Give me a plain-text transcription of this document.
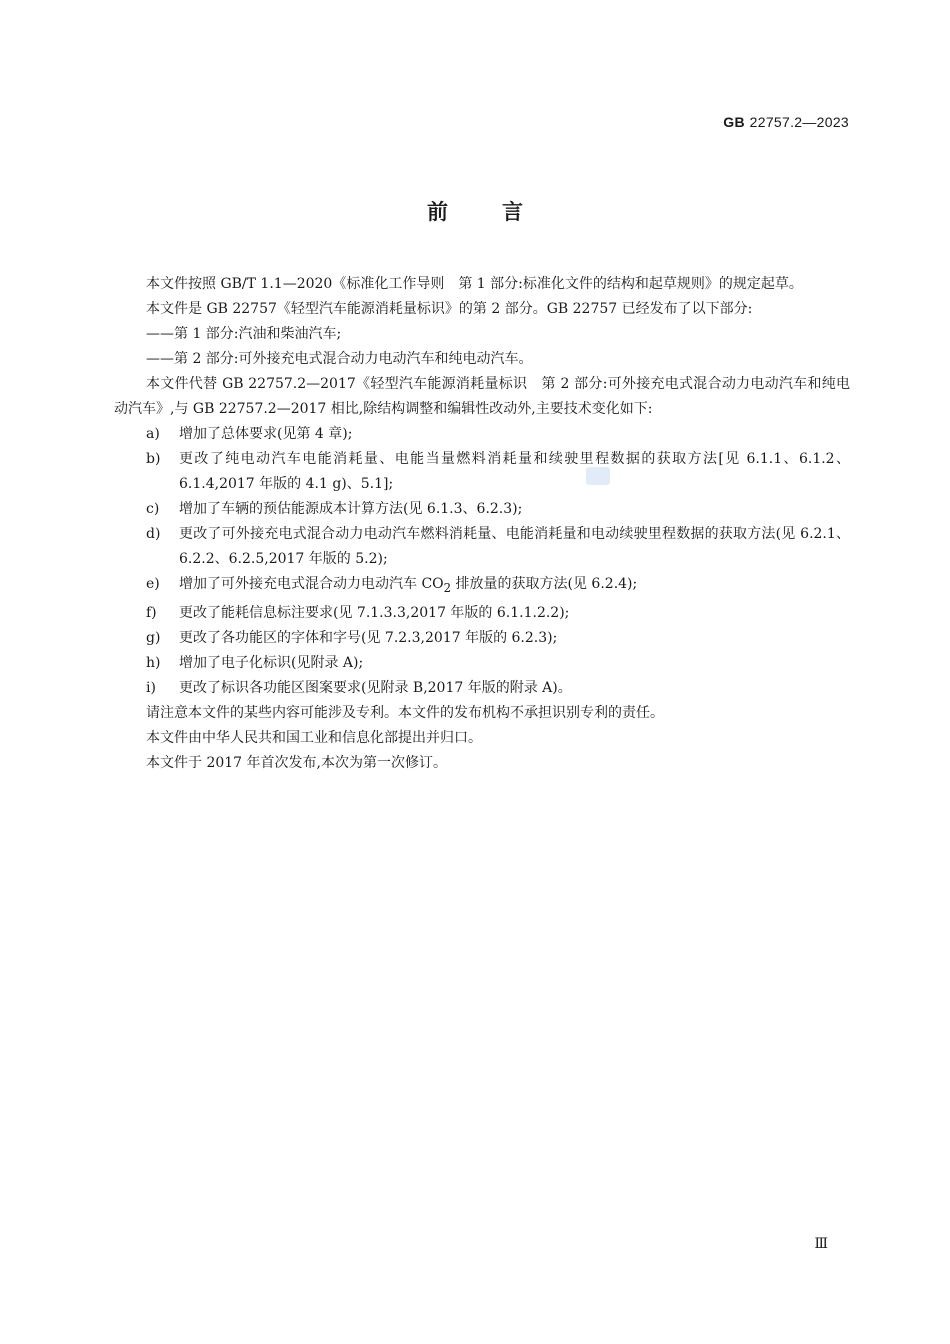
GB 22757.2—2023
前言

本文件按照 GB/T 1.1—2020《标准化工作导则　第 1 部分:标准化文件的结构和起草规则》的规定起草。

本文件是 GB 22757《轻型汽车能源消耗量标识》的第 2 部分。GB 22757 已经发布了以下部分:

——第 1 部分:汽油和柴油汽车;

——第 2 部分:可外接充电式混合动力电动汽车和纯电动汽车。

本文件代替 GB 22757.2—2017《轻型汽车能源消耗量标识　第 2 部分:可外接充电式混合动力电动汽车和纯电动汽车》,与 GB 22757.2—2017 相比,除结构调整和编辑性改动外,主要技术变化如下:

a)	增加了总体要求(见第 4 章);
b)	更改了纯电动汽车电能消耗量、电能当量燃料消耗量和续驶里程数据的获取方法[见 6.1.1、6.1.2、6.1.4,2017 年版的 4.1 g)、5.1];
c)	增加了车辆的预估能源成本计算方法(见 6.1.3、6.2.3);
d)	更改了可外接充电式混合动力电动汽车燃料消耗量、电能消耗量和电动续驶里程数据的获取方法(见 6.2.1、6.2.2、6.2.5,2017 年版的 5.2);
e)	增加了可外接充电式混合动力电动汽车 $CO_2$ 排放量的获取方法(见 6.2.4);
f)	更改了能耗信息标注要求(见 7.1.3.3,2017 年版的 6.1.1.2.2);
g)	更改了各功能区的字体和字号(见 7.2.3,2017 年版的 6.2.3);
h)	增加了电子化标识(见附录 A);
i)	更改了标识各功能区图案要求(见附录 B,2017 年版的附录 A)。

请注意本文件的某些内容可能涉及专利。本文件的发布机构不承担识别专利的责任。

本文件由中华人民共和国工业和信息化部提出并归口。

本文件于 2017 年首次发布,本次为第一次修订。

Ⅲ
